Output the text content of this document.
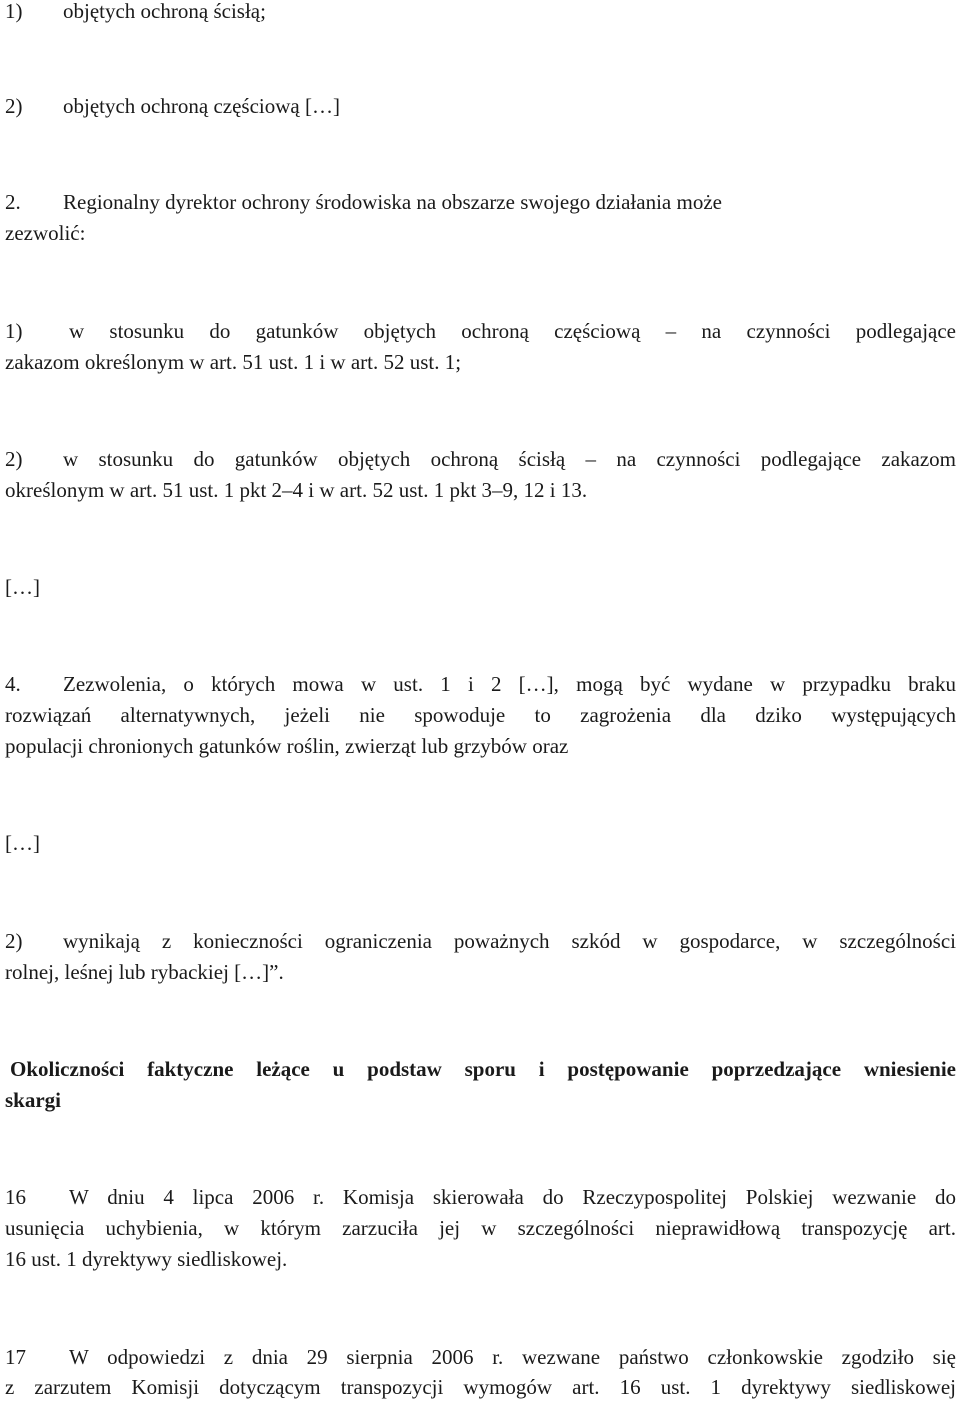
1) objętych ochroną ścisłą;
2) objętych ochroną częściową […]
2. Regionalny dyrektor ochrony środowiska na obszarze swojego działania może
zezwolić:
1) w stosunku do gatunków objętych ochroną częściową – na czynności podlegające
zakazom określonym w art. 51 ust. 1 i w art. 52 ust. 1;
2) w stosunku do gatunków objętych ochroną ścisłą – na czynności podlegające zakazom
określonym w art. 51 ust. 1 pkt 2–4 i w art. 52 ust. 1 pkt 3–9, 12 i 13.
[…]
4. Zezwolenia, o których mowa w ust. 1 i 2 […], mogą być wydane w przypadku braku
rozwiązań alternatywnych, jeżeli nie spowoduje to zagrożenia dla dziko występujących
populacji chronionych gatunków roślin, zwierząt lub grzybów oraz
[…]
2) wynikają z konieczności ograniczenia poważnych szkód w gospodarce, w szczególności
rolnej, leśnej lub rybackiej […]”.
Okoliczności faktyczne leżące u podstaw sporu i postępowanie poprzedzające wniesienie
skargi
16 W dniu 4 lipca 2006 r. Komisja skierowała do Rzeczypospolitej Polskiej wezwanie do
usunięcia uchybienia, w którym zarzuciła jej w szczególności nieprawidłową transpozycję art.
16 ust. 1 dyrektywy siedliskowej.
17 W odpowiedzi z dnia 29 sierpnia 2006 r. wezwane państwo członkowskie zgodziło się
z zarzutem Komisji dotyczącym transpozycji wymogów art. 16 ust. 1 dyrektywy siedliskowej
